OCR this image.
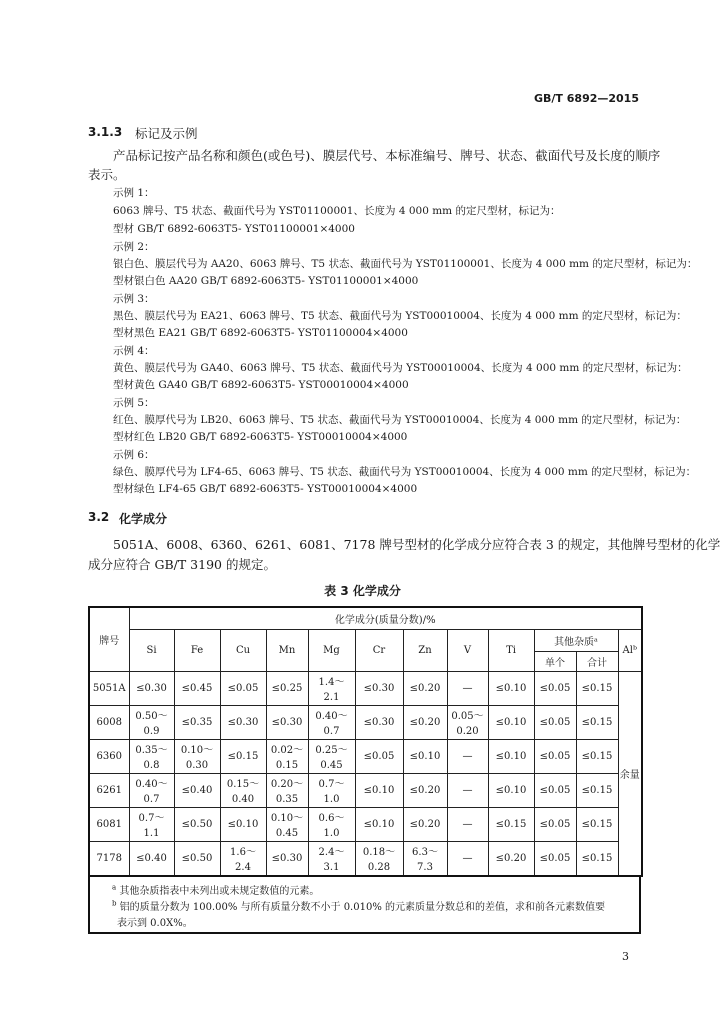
GB/T 6892—2015
3.1.3 标记及示例
产品标记按产品名称和颜色(或色号)、膜层代号、本标准编号、牌号、状态、截面代号及长度的顺序
表示。
示例 1：
6063 牌号、T5 状态、截面代号为 YST01100001、长度为 4 000 mm 的定尺型材，标记为：
型材 GB/T 6892-6063T5- YST01100001×4000
示例 2：
银白色、膜层代号为 AA20、6063 牌号、T5 状态、截面代号为 YST01100001、长度为 4 000 mm 的定尺型材，标记为：
型材银白色 AA20 GB/T 6892-6063T5- YST01100001×4000
示例 3：
黑色、膜层代号为 EA21、6063 牌号、T5 状态、截面代号为 YST00010004、长度为 4 000 mm 的定尺型材，标记为：
型材黑色 EA21 GB/T 6892-6063T5- YST01100004×4000
示例 4：
黄色、膜层代号为 GA40、6063 牌号、T5 状态、截面代号为 YST00010004、长度为 4 000 mm 的定尺型材，标记为：
型材黄色 GA40 GB/T 6892-6063T5- YST00010004×4000
示例 5：
红色、膜厚代号为 LB20、6063 牌号、T5 状态、截面代号为 YST00010004、长度为 4 000 mm 的定尺型材，标记为：
型材红色 LB20 GB/T 6892-6063T5- YST00010004×4000
示例 6：
绿色、膜厚代号为 LF4-65、6063 牌号、T5 状态、截面代号为 YST00010004、长度为 4 000 mm 的定尺型材，标记为：
型材绿色 LF4-65 GB/T 6892-6063T5- YST00010004×4000
3.2 化学成分
5051A、6008、6360、6261、6081、7178 牌号型材的化学成分应符合表 3 的规定，其他牌号型材的化学
成分应符合 GB/T 3190 的规定。
表 3 化学成分
牌号	化学成分(质量分数)/%											
	Si	Fe	Cu	Mn	Mg	Cr	Zn	V	Ti	其他杂质ᵃ		Alᵇ
										单个	合计	
5051A	≤0.30	≤0.45	≤0.05	≤0.25	1.4～
2.1	≤0.30	≤0.20	—	≤0.10	≤0.05	≤0.15	余量
6008	0.50～
0.9	≤0.35	≤0.30	≤0.30	0.40～
0.7	≤0.30	≤0.20	0.05～
0.20	≤0.10	≤0.05	≤0.15	
6360	0.35～
0.8	0.10～
0.30	≤0.15	0.02～
0.15	0.25～
0.45	≤0.05	≤0.10	—	≤0.10	≤0.05	≤0.15	
6261	0.40～
0.7	≤0.40	0.15～
0.40	0.20～
0.35	0.7～
1.0	≤0.10	≤0.20	—	≤0.10	≤0.05	≤0.15	
6081	0.7～
1.1	≤0.50	≤0.10	0.10～
0.45	0.6～
1.0	≤0.10	≤0.20	—	≤0.15	≤0.05	≤0.15	
7178	≤0.40	≤0.50	1.6～
2.4	≤0.30	2.4～
3.1	0.18～
0.28	6.3～
7.3	—	≤0.20	≤0.05	≤0.15	
$^a$ 其他杂质指表中未列出或未规定数值的元素。
$^b$ 铝的质量分数为 100.00% 与所有质量分数不小于 0.010% 的元素质量分数总和的差值，求和前各元素数值要
表示到 0.0X%。
3
